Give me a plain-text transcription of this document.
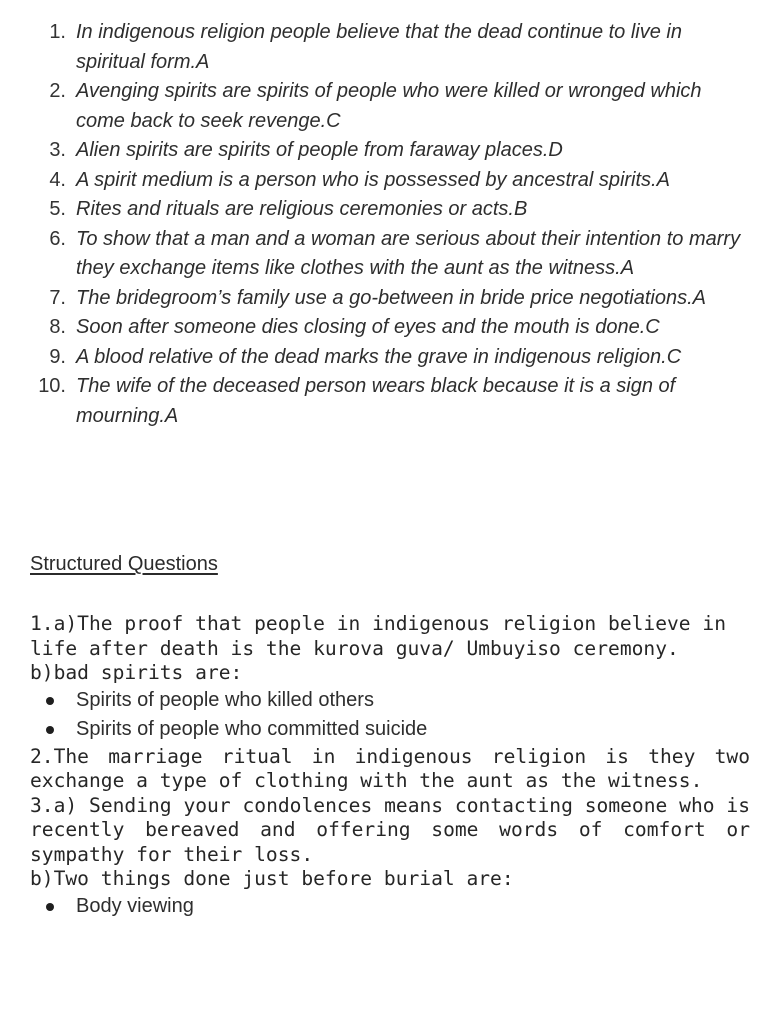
1. In indigenous religion people believe that the dead continue to live in spiritual form.A
2. Avenging spirits are spirits of people who were killed or wronged which come back to seek revenge.C
3. Alien spirits are spirits of people from faraway places.D
4. A spirit medium is a person who is possessed by ancestral spirits.A
5. Rites and rituals are religious ceremonies or acts.B
6. To show that a man and a woman are serious about their intention to marry they exchange items like clothes with the aunt as the witness.A
7. The bridegroom’s family use a go-between in bride price negotiations.A
8. Soon after someone dies closing of eyes and the mouth is done.C
9. A blood relative of the dead marks the grave in indigenous religion.C
10. The wife of the deceased person wears black because it is a sign of mourning.A
Structured Questions

1.a)The proof that people in indigenous religion believe in life after death is the kurova guva/ Umbuyiso ceremony.

b)bad spirits are:

Spirits of people who killed others
Spirits of people who committed suicide

2.The marriage ritual in indigenous religion is they two exchange a type of clothing with the aunt as the witness.

3.a) Sending your condolences means contacting someone who is recently bereaved and offering some words of comfort or sympathy for their loss.

b)Two things done just before burial are:

Body viewing
